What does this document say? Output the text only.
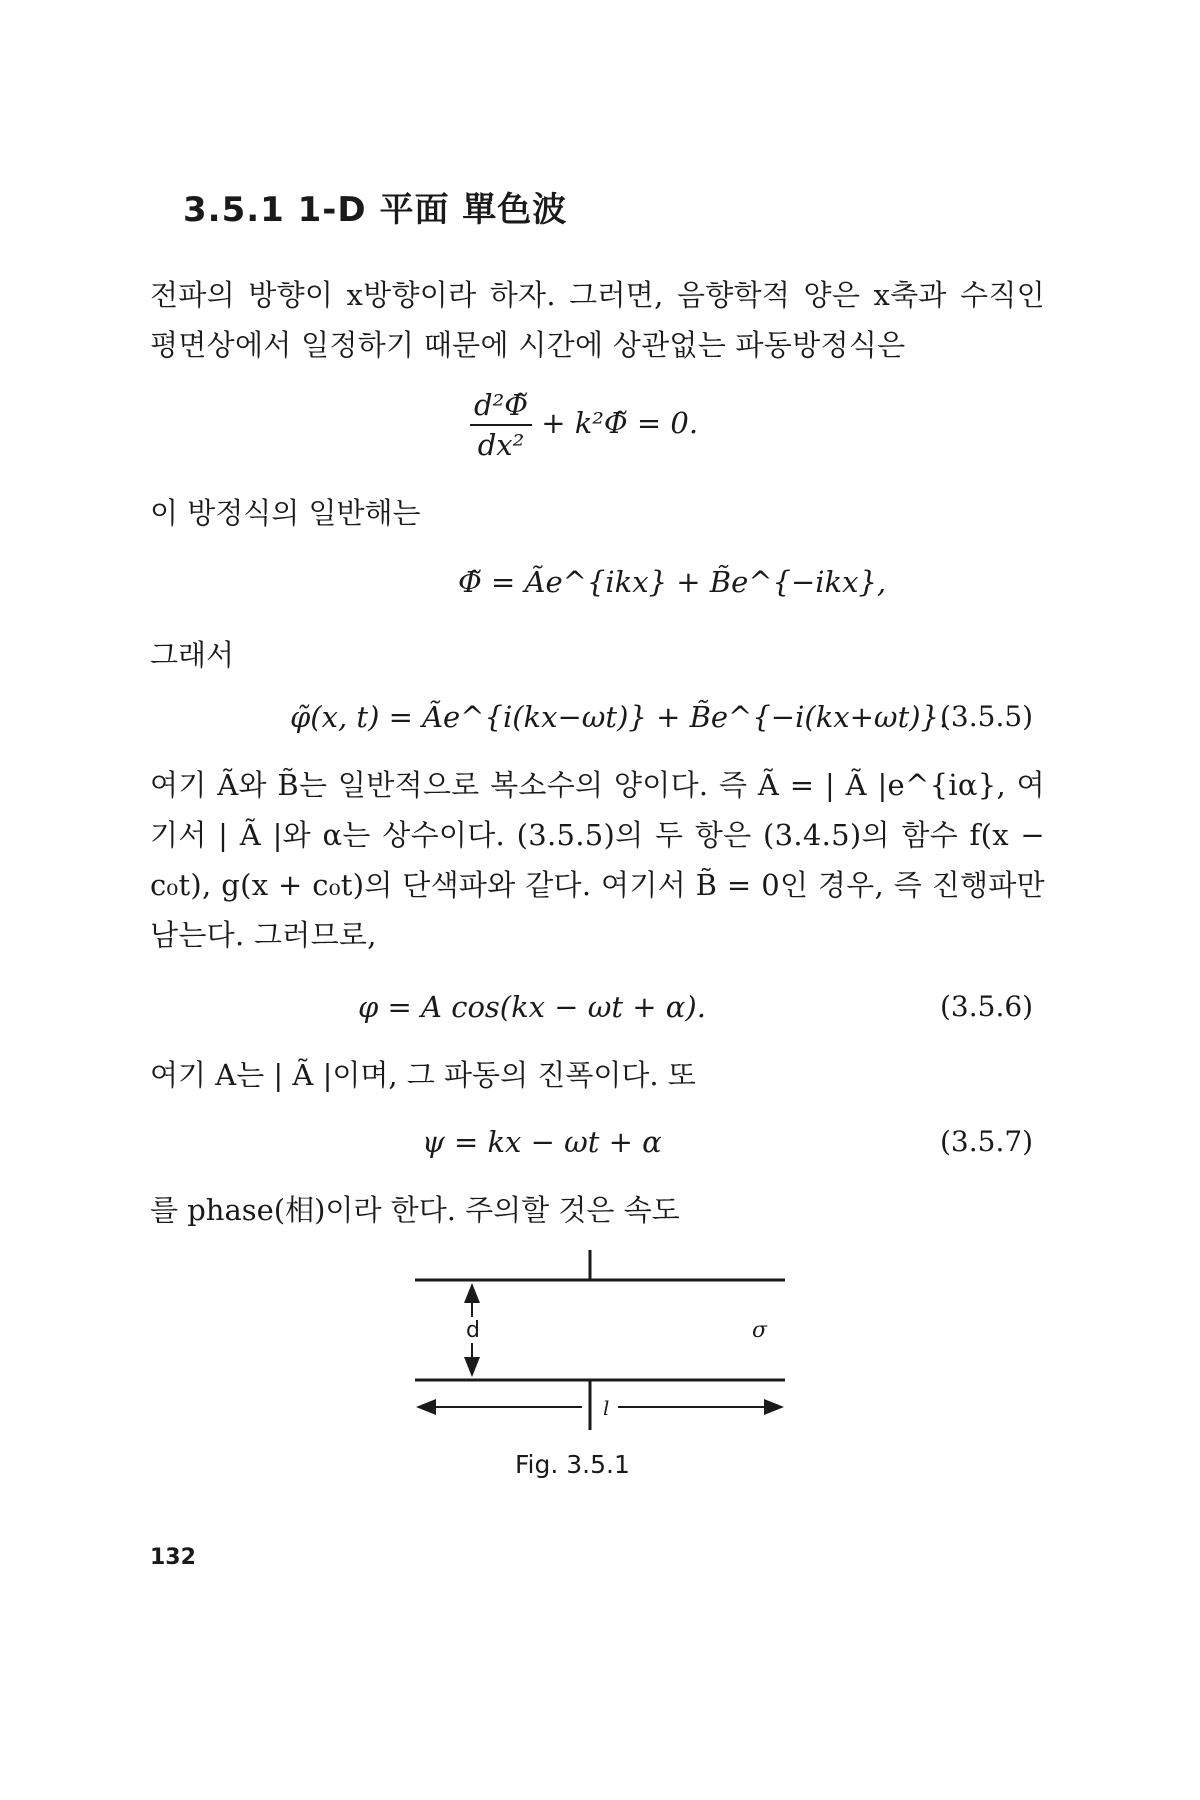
3.5.1 1-D 平面 單色波
전파의 방향이 x방향이라 하자. 그러면, 음향학적 양은 x축과 수직인 평면상에서 일정하기 때문에 시간에 상관없는 파동방정식은
$\frac{\text{d²Φ̃}}{\text{dx²}}$ + k²Φ̃ = 0.
이 방정식의 일반해는
Φ̃ = Ãe^{ikx} + B̃e^{−ikx},
그래서
φ̃(x, t) = Ãe^{i(kx−ωt)} + B̃e^{−i(kx+ωt)}.
(3.5.5)
여기 Ã와 B̃는 일반적으로 복소수의 양이다. 즉 Ã = | Ã |e^{iα}, 여기서 | Ã |와 α는 상수이다. (3.5.5)의 두 항은 (3.4.5)의 함수 f(x − c₀t), g(x + c₀t)의 단색파와 같다. 여기서 B̃ = 0인 경우, 즉 진행파만 남는다. 그러므로,
φ = A cos(kx − ωt + α).	(3.5.6)
여기 A는 | Ã |이며, 그 파동의 진폭이다. 또
ψ = kx − ωt + α	(3.5.7)
를 phase(相)이라 한다. 주의할 것은 속도
d	σ
l
Fig. 3.5.1
132
